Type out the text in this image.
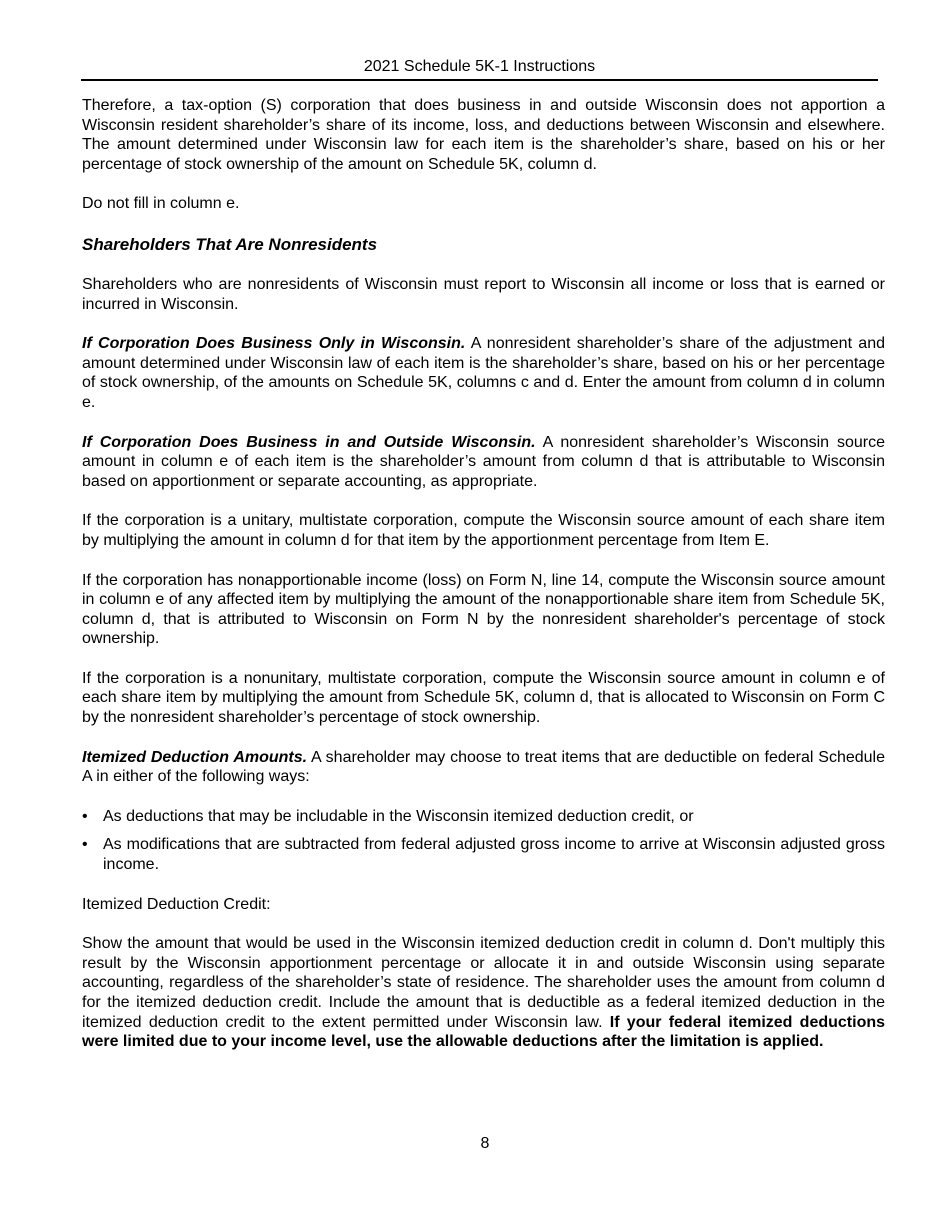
2021 Schedule 5K-1 Instructions

Therefore, a tax-option (S) corporation that does business in and outside Wisconsin does not apportion a Wisconsin resident shareholder’s share of its income, loss, and deductions between Wisconsin and elsewhere. The amount determined under Wisconsin law for each item is the shareholder’s share, based on his or her percentage of stock ownership of the amount on Schedule 5K, column d.

Do not fill in column e.

Shareholders That Are Nonresidents

Shareholders who are nonresidents of Wisconsin must report to Wisconsin all income or loss that is earned or incurred in Wisconsin.

If Corporation Does Business Only in Wisconsin. A nonresident shareholder’s share of the adjustment and amount determined under Wisconsin law of each item is the shareholder’s share, based on his or her percentage of stock ownership, of the amounts on Schedule 5K, columns c and d. Enter the amount from column d in column e.

If Corporation Does Business in and Outside Wisconsin. A nonresident shareholder’s Wisconsin source amount in column e of each item is the shareholder’s amount from column d that is attributable to Wisconsin based on apportionment or separate accounting, as appropriate.

If the corporation is a unitary, multistate corporation, compute the Wisconsin source amount of each share item by multiplying the amount in column d for that item by the apportionment percentage from Item E.

If the corporation has nonapportionable income (loss) on Form N, line 14, compute the Wisconsin source amount in column e of any affected item by multiplying the amount of the nonapportionable share item from Schedule 5K, column d, that is attributed to Wisconsin on Form N by the nonresident shareholder's percentage of stock ownership.

If the corporation is a nonunitary, multistate corporation, compute the Wisconsin source amount in column e of each share item by multiplying the amount from Schedule 5K, column d, that is allocated to Wisconsin on Form C by the nonresident shareholder’s percentage of stock ownership.

Itemized Deduction Amounts. A shareholder may choose to treat items that are deductible on federal Schedule A in either of the following ways:

• As deductions that may be includable in the Wisconsin itemized deduction credit, or
• As modifications that are subtracted from federal adjusted gross income to arrive at Wisconsin adjusted gross income.

Itemized Deduction Credit:

Show the amount that would be used in the Wisconsin itemized deduction credit in column d. Don't multiply this result by the Wisconsin apportionment percentage or allocate it in and outside Wisconsin using separate accounting, regardless of the shareholder’s state of residence. The shareholder uses the amount from column d for the itemized deduction credit. Include the amount that is deductible as a federal itemized deduction in the itemized deduction credit to the extent permitted under Wisconsin law. If your federal itemized deductions were limited due to your income level, use the allowable deductions after the limitation is applied.

8
